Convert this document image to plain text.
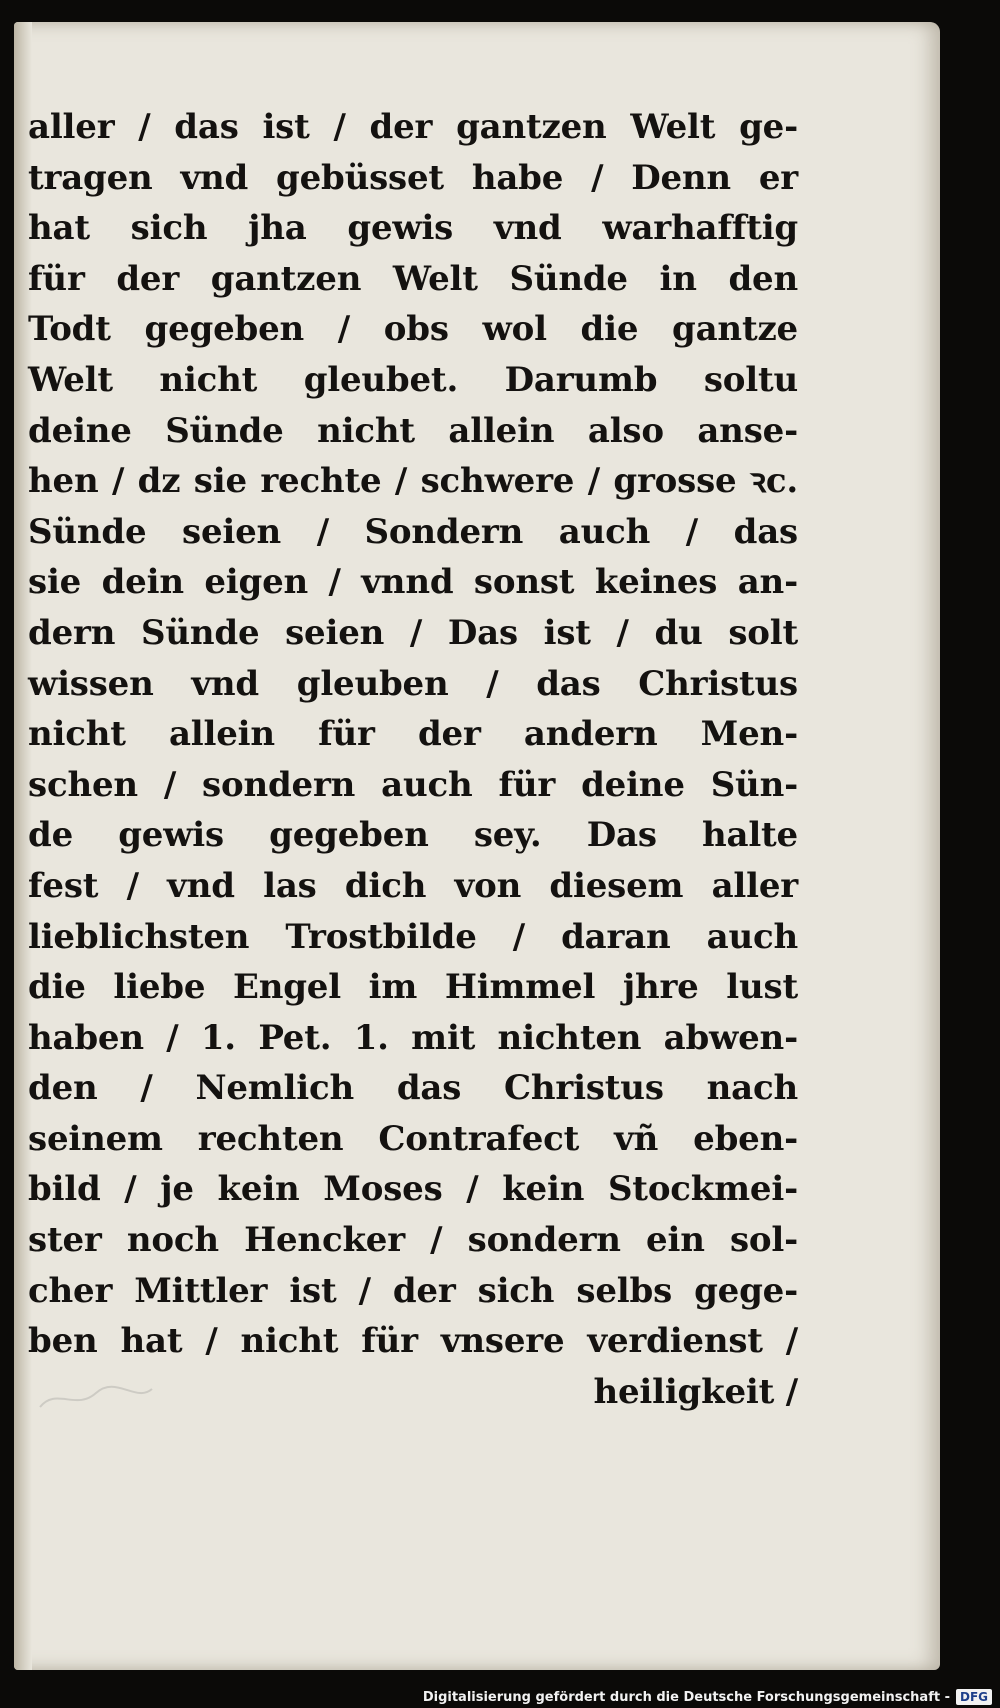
aller / das ist / der gantzen Welt ge-
tragen vnd gebüsset habe / Denn er
hat sich jha gewis vnd warhafftig
für der gantzen Welt Sünde in den
Todt gegeben / obs wol die gantze
Welt nicht gleubet. Darumb soltu
deine Sünde nicht allein also anse-
hen / dz sie rechte / schwere / grosse ꝛc.
Sünde seien / Sondern auch / das
sie dein eigen / vnnd sonst keines an-
dern Sünde seien / Das ist / du solt
wissen vnd gleuben / das Christus
nicht allein für der andern Men-
schen / sondern auch für deine Sün-
de gewis gegeben sey. Das halte
fest / vnd las dich von diesem aller
lieblichsten Trostbilde / daran auch
die liebe Engel im Himmel jhre lust
haben / 1. Pet. 1. mit nichten abwen-
den / Nemlich das Christus nach
seinem rechten Contrafect vñ eben-
bild / je kein Moses / kein Stockmei-
ster noch Hencker / sondern ein sol-
cher Mittler ist / der sich selbs gege-
ben hat / nicht für vnsere verdienst /
heiligkeit /
Digitalisierung gefördert durch die Deutsche Forschungsgemeinschaft - DFG
